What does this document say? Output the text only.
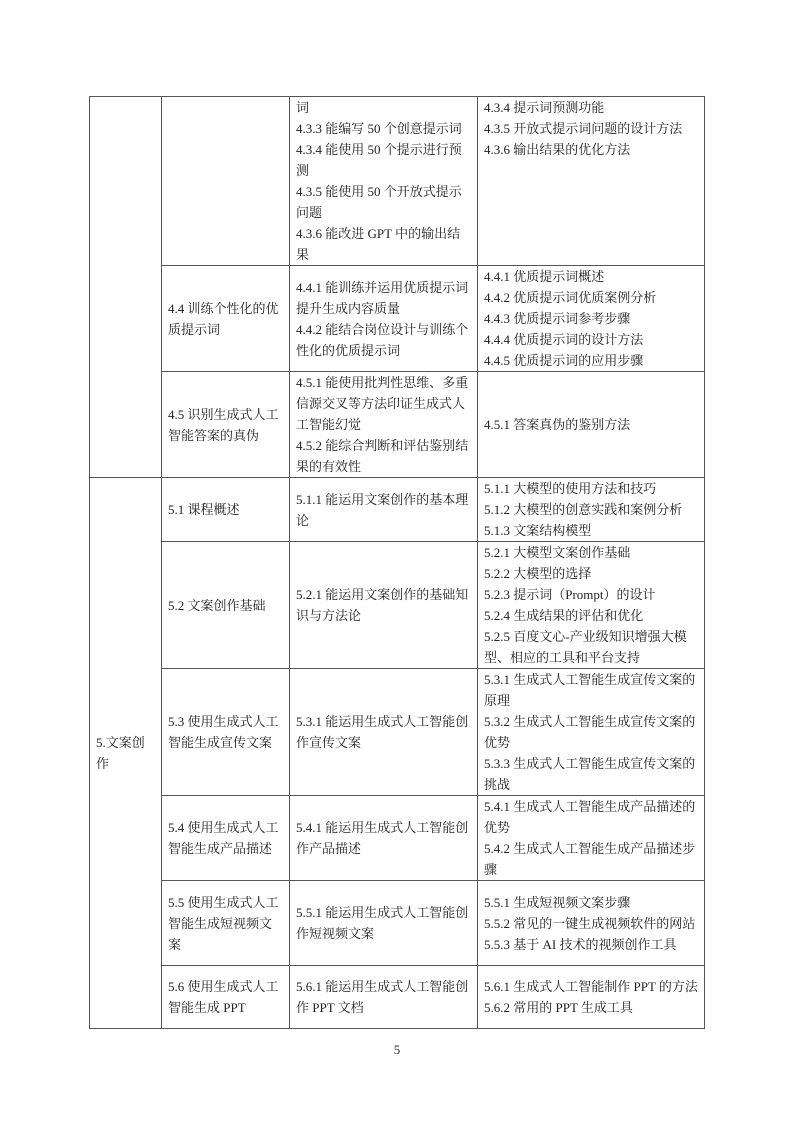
		词
4.3.3 能编写 50 个创意提示词
4.3.4 能使用 50 个提示进行预测
4.3.5 能使用 50 个开放式提示问题
4.3.6 能改进 GPT 中的输出结果	4.3.4 提示词预测功能
4.3.5 开放式提示词问题的设计方法
4.3.6 输出结果的优化方法

	4.4 训练个性化的优质提示词	4.4.1 能训练并运用优质提示词提升生成内容质量
4.4.2 能结合岗位设计与训练个性化的优质提示词	4.4.1 优质提示词概述
4.4.2 优质提示词优质案例分析
4.4.3 优质提示词参考步骤
4.4.4 优质提示词的设计方法
4.4.5 优质提示词的应用步骤

	4.5 识别生成式人工智能答案的真伪	4.5.1 能使用批判性思维、多重信源交叉等方法印证生成式人工智能幻觉
4.5.2 能综合判断和评估鉴别结果的有效性	4.5.1 答案真伪的鉴别方法

5.文案创作	5.1 课程概述	5.1.1 能运用文案创作的基本理论	5.1.1 大模型的使用方法和技巧
5.1.2 大模型的创意实践和案例分析
5.1.3 文案结构模型

	5.2 文案创作基础	5.2.1 能运用文案创作的基础知识与方法论	5.2.1 大模型文案创作基础
5.2.2 大模型的选择
5.2.3 提示词（Prompt）的设计
5.2.4 生成结果的评估和优化
5.2.5 百度文心-产业级知识增强大模型、相应的工具和平台支持

	5.3 使用生成式人工智能生成宣传文案	5.3.1 能运用生成式人工智能创作宣传文案	5.3.1 生成式人工智能生成宣传文案的原理
5.3.2 生成式人工智能生成宣传文案的优势
5.3.3 生成式人工智能生成宣传文案的挑战

	5.4 使用生成式人工智能生成产品描述	5.4.1 能运用生成式人工智能创作产品描述	5.4.1 生成式人工智能生成产品描述的优势
5.4.2 生成式人工智能生成产品描述步骤

	5.5 使用生成式人工智能生成短视频文案	5.5.1 能运用生成式人工智能创作短视频文案	5.5.1 生成短视频文案步骤
5.5.2 常见的一键生成视频软件的网站
5.5.3 基于 AI 技术的视频创作工具

	5.6 使用生成式人工智能生成 PPT	5.6.1 能运用生成式人工智能创作 PPT 文档	5.6.1 生成式人工智能制作 PPT 的方法
5.6.2 常用的 PPT 生成工具
5
